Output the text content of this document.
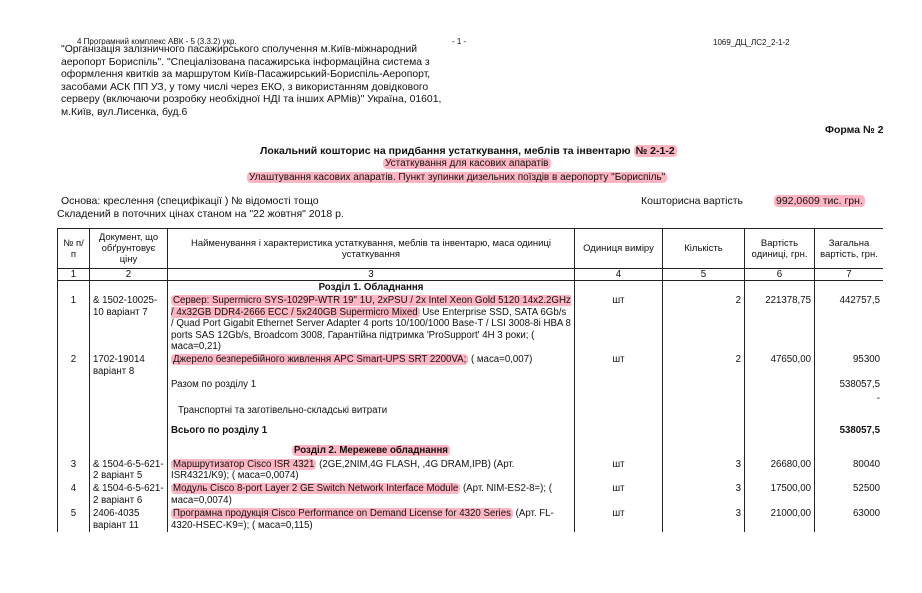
4 Програмний комплекс АВК - 5 (3.3.2) укр.	- 1 -	1069_ДЦ_ЛС2_2-1-2
"Організація залізничного пасажирського сполучення м.Київ-міжнародний
аеропорт Бориспіль". "Спеціалізована пасажирська інформаційна система з
оформлення квитків за маршрутом Київ-Пасажирський-Бориспіль-Аеропорт,
засобами АСК ПП УЗ, у тому числі через ЕКО, з використанням довідкового
серверу (включаючи розробку необхідної НДІ та інших АРМів)" Україна, 01601,
м.Київ, вул.Лисенка, буд.6
Форма № 2
Локальний кошторис на придбання устаткування, меблів та інвентарю № 2-1-2
Устаткування для касових апаратів
Улаштування касових апаратів. Пункт зупинки дизельних поїздів в аеропорту "Бориспіль"
Основа: креслення (специфікації ) № відомості тощо
Складений в поточних цінах станом на "22 жовтня" 2018 р.
Кошторисна вартість	992,0609 тис. грн.
№ п/п	Документ, що обґрунтовує ціну	Найменування і характеристика устаткування, меблів та інвентарю, маса одиниці устаткування	Одиниця виміру	Кількість	Вартість одиниці, грн.	Загальна вартість, грн.
1	2	3	4	5	6	7
		Розділ 1. Обладнання				
1	& 1502-10025-10 варіант 7	Сервер: Supermicro SYS-1029P-WTR 19" 1U, 2xPSU / 2x Intel Xeon Gold 5120 14x2.2GHz / 4x32GB DDR4-2666 ECC / 5x240GB Supermicro Mixed Use Enterprise SSD, SATA 6Gb/s / Quad Port Gigabit Ethernet Server Adapter 4 ports 10/100/1000 Base-T / LSI 3008-8i HBA 8 ports SAS 12Gb/s, Broadcom 3008, Гарантійна підтримка 'ProSupport' 4H 3 роки; ( маса=0,21)	шт	2	221378,75	442757,5
2	1702-19014 варіант 8	Джерело безперебійного живлення APC Smart-UPS SRT 2200VA; ( маса=0,007)	шт	2	47650,00	95300
		Разом по розділу 1				538057,5
		Транспортні та заготівельно-складські витрати				-
		Всього по розділу 1				538057,5
		Розділ 2. Мережеве обладнання				
3	& 1504-6-5-621-2 варіант 5	Маршрутизатор Cisco ISR 4321 (2GE,2NIM,4G FLASH, ,4G DRAM,IPB) (Арт. ISR4321/K9); ( маса=0,0074)	шт	3	26680,00	80040
4	& 1504-6-5-621-2 варіант 6	Модуль Cisco 8-port Layer 2 GE Switch Network Interface Module (Арт. NIM-ES2-8=); ( маса=0,0074)	шт	3	17500,00	52500
5	2406-4035 варіант 11	Програмна продукція Cisco Performance on Demand License for 4320 Series (Арт. FL-4320-HSEC-K9=); ( маса=0,115)	шт	3	21000,00	63000
